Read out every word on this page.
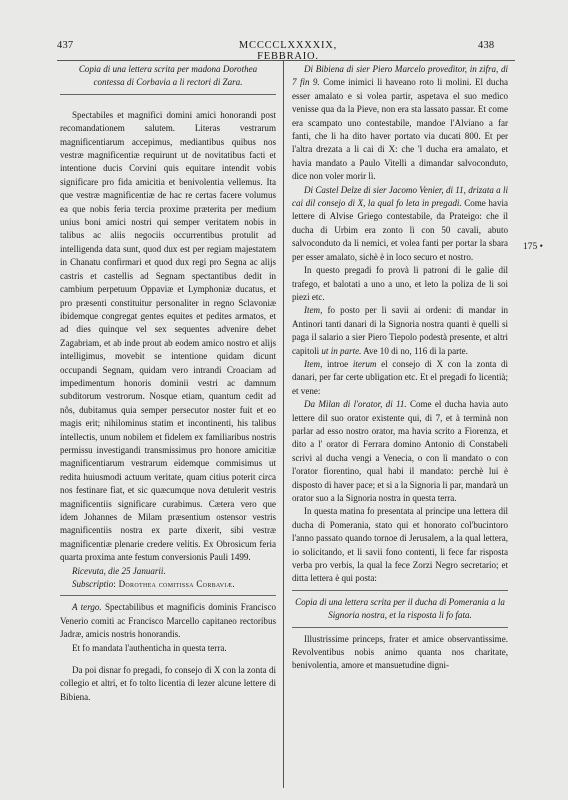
437	MCCCCLXXXXIX, FEBBRAIO.
438
175 •

Copia di una lettera scrita per madona Dorothea
contessa di Corbavia a li rectori di Zara.

Spectabiles et magnifici domini amici honorandi post recomandationem salutem. Literas vestrarum magnificentiarum accepimus, mediantibus quibus nos vestræ magnificentiæ requirunt ut de novitatibus facti et intentione ducis Corvini quis equitare intendit vobis significare pro fida amicitia et benivolentia vellemus. Ita que vestræ magnificentiæ de hac re certas facere volumus ea que nobis feria tercia proxime præterita per medium unius boni amici nostri qui semper veritatem nobis in talibus ac aliis negociis occurrentibus protulit ad intelligenda data sunt, quod dux est per regiam majestatem in Chanatu confirmari et quod dux regi pro Segna ac alijs castris et castellis ad Segnam spectantibus dedit in cambium perpetuum Oppaviæ et Lymphoniæ ducatus, et pro præsenti constituitur personaliter in regno Sclavoniæ ibidemque congregat gentes equites et pedites armatos, et ad dies quinque vel sex sequentes advenire debet Zagabriam, et ab inde prout ab eodem amico nostro et alijs intelligimus, movebit se intentione quidam dicunt occupandi Segnam, quidam vero intrandi Croaciam ad impedimentum honoris dominii vestri ac damnum subditorum vestrorum. Nosque etiam, quantum cedit ad nôs, dubitamus quia semper persecutor noster fuit et eo magis erit; nihilominus statim et incontinenti, his talibus intellectis, unum nobilem et fidelem ex familiaribus nostris permissu investigandi transmissimus pro honore amicitiæ magnificentiarum vestrarum eidemque commisimus ut redita huiusmodi actuum veritate, quam citius poterit circa nos festinare fiat, et sic quæcumque nova detulerit vestris magnificentiis significare curabimus. Cætera vero que idem Johannes de Milam præsentium ostensor vestris magnificentiis nostra ex parte dixerit, sibi vestræ magnificentiæ plenarie credere velitis. Ex Obrosicum feria quarta proxima ante festum conversionis Pauli 1499.

Ricevuta, die 25 Januarii.

Subscriptio: Dorothea comitissa Corbaviæ.

A tergo. Spectabilibus et magnificis dominis Francisco Venerio comiti ac Francisco Marcello capitaneo rectoribus Jadræ, amicis nostris honorandis.

Et fo mandata l'authenticha in questa terra.

Da poi disnar fo pregadi, fo consejo di X con la zonta di collegio et altri, et fo tolto licentia di lezer alcune lettere di Bibiena.

Di Bibiena di sier Piero Marcelo provedìtor, in zifra, di 7 fin 9. Come inimici li haveano roto li molini. El ducha esser amalato e si volea partir, aspetava el suo medico venisse qua da la Pieve, non era sta lassato passar. Et come era scampato uno contestabile, mandoe l'Alviano a far fanti, che li ha dito haver portato via ducati 800. Et per l'altra drezata a li cai di X: che 'l ducha era amalato, et havia mandato a Paulo Vitelli a dimandar salvoconduto, dice non voler morir lì.

Di Castel Delze di sier Jacomo Venier, di 11, drizata a li cai dil consejo di X, la qual fo leta in pregadi. Come havia lettere di Alvise Griego contestabile, da Prateigo: che il ducha di Urbim era zonto lì con 50 cavali, abuto salvoconduto da li nemici, et volea fanti per portar la sbara per esser amalato, sichè è in loco securo et nostro.

In questo pregadi fo provà li patroni di le galie dil trafego, et balotati a uno a uno, et leto la poliza de li soi piezi etc.

Item, fo posto per li savii ai ordeni: di mandar in Antinori tanti danari di la Signoria nostra quanti è quelli si paga il salario a sier Piero Tiepolo podestà presente, et altri capitoli ut in parte. Ave 10 di no, 116 di la parte.

Item, introe iterum el consejo di X con la zonta di danari, per far certe ubligation etc. Et el pregadi fo licentià; et vene:

Da Milan di l'orator, di 11. Come el ducha havia auto lettere dil suo orator existente qui, di 7, et à terminà non parlar ad esso nostro orator, ma havia scrito a Fiorenza, et dito a l' orator di Ferrara domino Antonio di Constabeli scrivi al ducha vengi a Venecia, o con lì mandato o con l'orator fiorentino, qual habi il mandato: perchè lui è disposto di haver pace; et si a la Signoria li par, mandarà un orator suo a la Signoria nostra in questa terra.

In questa matina fo presentata al principe una lettera dil ducha di Pomerania, stato qui et honorato col'bucintoro l'anno passato quando tornoe di Jerusalem, a la qual lettera, io solicitando, et li savii fono contenti, li fece far risposta verba pro verbis, la qual la fece Zorzi Negro secretario; et ditta lettera è qui posta:

Copia di una lettera scrita per il ducha di Pomerania a la Signoria nostra, et la risposta li fo fata.

Illustrissime princeps, frater et amice observantissime. Revolventibus nobis animo quanta nos charitate, benivolentia, amore et mansuetudine digni-
